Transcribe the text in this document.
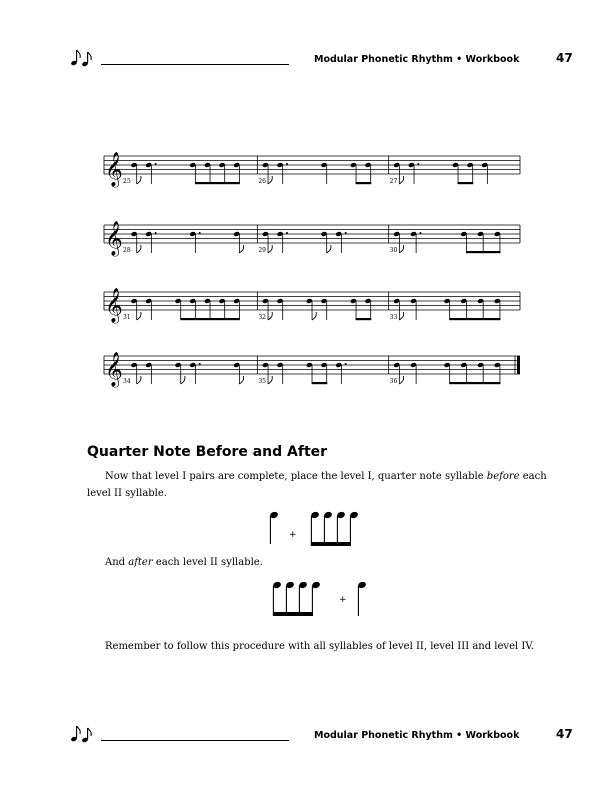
Modular Phonetic Rhythm • Workbook	47
𝄞 25	26	27
𝄞 28	29	30
𝄞 31	32	33
𝄞 34	35	36
Quarter Note Before and After
Now that level I pairs are complete, place the level I, quarter note syllable before each
level II syllable.
+
And after each level II syllable.
+
Remember to follow this procedure with all syllables of level II, level III and level IV.
Modular Phonetic Rhythm • Workbook	47
